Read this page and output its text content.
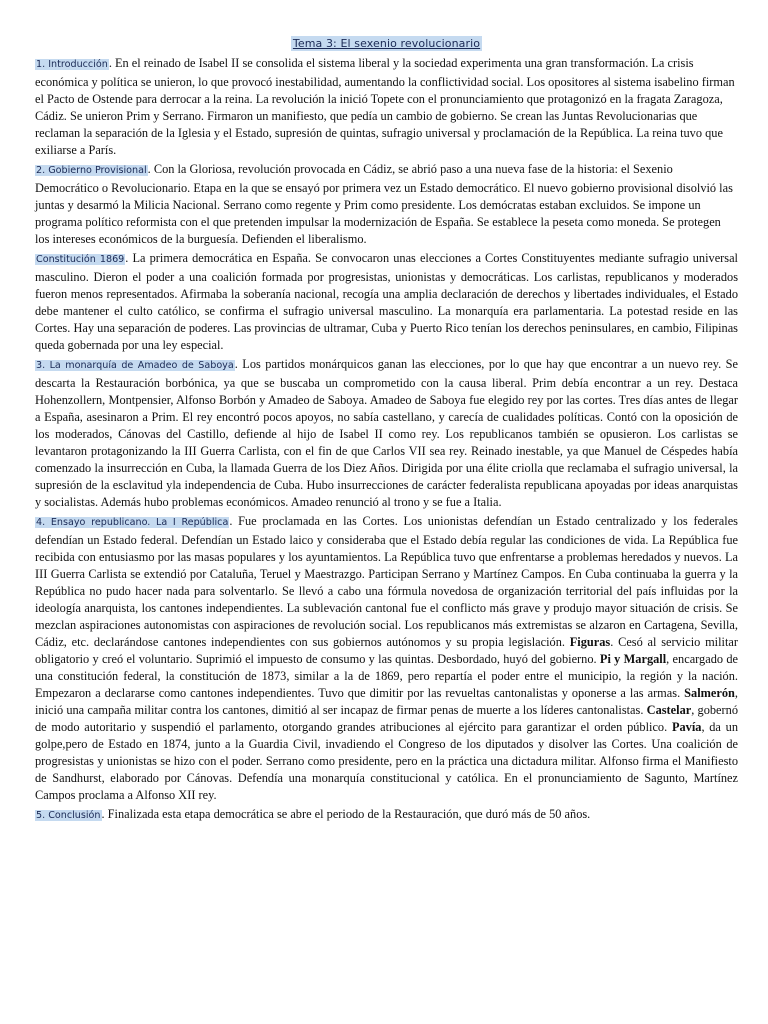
Tema 3: El sexenio revolucionario

1. Introducción. En el reinado de Isabel II se consolida el sistema liberal y la sociedad experimenta una gran transformación. La crisis económica y política se unieron, lo que provocó inestabilidad, aumentando la conflictividad social. Los opositores al sistema isabelino firman el Pacto de Ostende para derrocar a la reina. La revolución la inició Topete con el pronunciamiento que protagonizó en la fragata Zaragoza, Cádiz. Se unieron Prim y Serrano. Firmaron un manifiesto, que pedía un cambio de gobierno. Se crean las Juntas Revolucionarias que reclaman la separación de la Iglesia y el Estado, supresión de quintas, sufragio universal y proclamación de la República. La reina tuvo que exiliarse a París.

2. Gobierno Provisional. Con la Gloriosa, revolución provocada en Cádiz, se abrió paso a una nueva fase de la historia: el Sexenio Democrático o Revolucionario. Etapa en la que se ensayó por primera vez un Estado democrático. El nuevo gobierno provisional disolvió las juntas y desarmó la Milicia Nacional. Serrano como regente y Prim como presidente. Los demócratas estaban excluidos. Se impone un programa político reformista con el que pretenden impulsar la modernización de España. Se establece la peseta como moneda. Se protegen los intereses económicos de la burguesía. Defienden el liberalismo.

Constitución 1869. La primera democrática en España. Se convocaron unas elecciones a Cortes Constituyentes mediante sufragio universal masculino. Dieron el poder a una coalición formada por progresistas, unionistas y democráticas. Los carlistas, republicanos y moderados fueron menos representados. Afirmaba la soberanía nacional, recogía una amplia declaración de derechos y libertades individuales, el Estado debe mantener el culto católico, se confirma el sufragio universal masculino. La monarquía era parlamentaria. La potestad reside en las Cortes. Hay una separación de poderes. Las provincias de ultramar, Cuba y Puerto Rico tenían los derechos peninsulares, en cambio, Filipinas queda gobernada por una ley especial.

3. La monarquía de Amadeo de Saboya. Los partidos monárquicos ganan las elecciones, por lo que hay que encontrar a un nuevo rey. Se descarta la Restauración borbónica, ya que se buscaba un comprometido con la causa liberal. Prim debía encontrar a un rey. Destaca Hohenzollern, Montpensier, Alfonso Borbón y Amadeo de Saboya. Amadeo de Saboya fue elegido rey por las cortes. Tres días antes de llegar a España, asesinaron a Prim. El rey encontró pocos apoyos, no sabía castellano, y carecía de cualidades políticas. Contó con la oposición de los moderados, Cánovas del Castillo, defiende al hijo de Isabel II como rey. Los republicanos también se opusieron. Los carlistas se levantaron protagonizando la III Guerra Carlista, con el fin de que Carlos VII sea rey. Reinado inestable, ya que Manuel de Céspedes había comenzado la insurrección en Cuba, la llamada Guerra de los Diez Años. Dirigida por una élite criolla que reclamaba el sufragio universal, la supresión de la esclavitud yla independencia de Cuba. Hubo insurrecciones de carácter federalista republicana apoyadas por ideas anarquistas y socialistas. Además hubo problemas económicos. Amadeo renunció al trono y se fue a Italia.

4. Ensayo republicano. La I República. Fue proclamada en las Cortes. Los unionistas defendían un Estado centralizado y los federales defendían un Estado federal. Defendían un Estado laico y consideraba que el Estado debía regular las condiciones de vida. La República fue recibida con entusiasmo por las masas populares y los ayuntamientos. La República tuvo que enfrentarse a problemas heredados y nuevos. La III Guerra Carlista se extendió por Cataluña, Teruel y Maestrazgo. Participan Serrano y Martínez Campos. En Cuba continuaba la guerra y la República no pudo hacer nada para solventarlo. Se llevó a cabo una fórmula novedosa de organización territorial del país influidas por la ideología anarquista, los cantones independientes. La sublevación cantonal fue el conflicto más grave y produjo mayor situación de crisis. Se mezclan aspiraciones autonomistas con aspiraciones de revolución social. Los republicanos más extremistas se alzaron en Cartagena, Sevilla, Cádiz, etc. declarándose cantones independientes con sus gobiernos autónomos y su propia legislación. Figuras. Cesó al servicio militar obligatorio y creó el voluntario. Suprimió el impuesto de consumo y las quintas. Desbordado, huyó del gobierno. Pi y Margall, encargado de una constitución federal, la constitución de 1873, similar a la de 1869, pero repartía el poder entre el municipio, la región y la nación. Empezaron a declararse como cantones independientes. Tuvo que dimitir por las revueltas cantonalistas y oponerse a las armas. Salmerón, inició una campaña militar contra los cantones, dimitió al ser incapaz de firmar penas de muerte a los líderes cantonalistas. Castelar, gobernó de modo autoritario y suspendió el parlamento, otorgando grandes atribuciones al ejército para garantizar el orden público. Pavía, da un golpe,pero de Estado en 1874, junto a la Guardia Civil, invadiendo el Congreso de los diputados y disolver las Cortes. Una coalición de progresistas y unionistas se hizo con el poder. Serrano como presidente, pero en la práctica una dictadura militar. Alfonso firma el Manifiesto de Sandhurst, elaborado por Cánovas. Defendía una monarquía constitucional y católica. En el pronunciamiento de Sagunto, Martínez Campos proclama a Alfonso XII rey.

5. Conclusión. Finalizada esta etapa democrática se abre el periodo de la Restauración, que duró más de 50 años.
